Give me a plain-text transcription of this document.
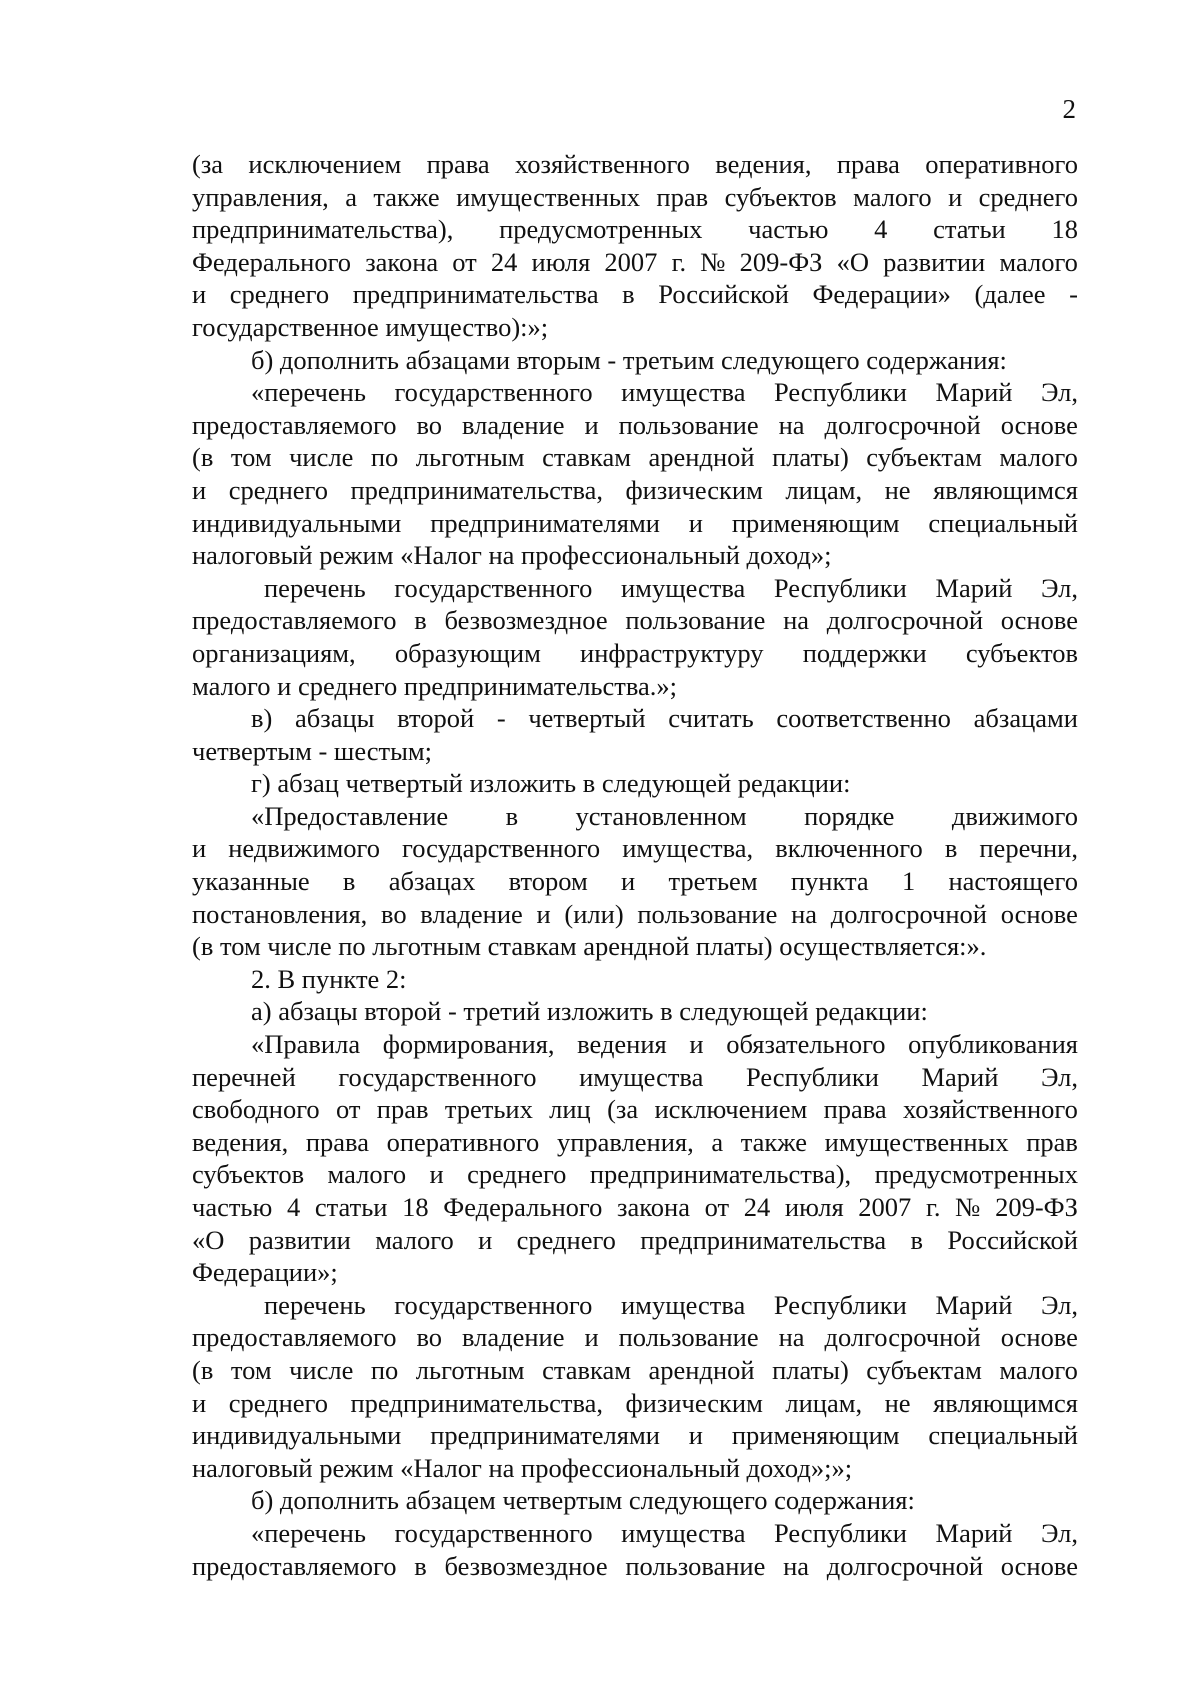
2
(за исключением права хозяйственного ведения, права оперативного
управления, а также имущественных прав субъектов малого и среднего
предпринимательства), предусмотренных частью 4 статьи 18
Федерального закона от 24 июля 2007 г. № 209-ФЗ «О развитии малого
и среднего предпринимательства в Российской Федерации» (далее -
государственное имущество):»;
б) дополнить абзацами вторым - третьим следующего содержания:
«перечень государственного имущества Республики Марий Эл,
предоставляемого во владение и пользование на долгосрочной основе
(в том числе по льготным ставкам арендной платы) субъектам малого
и среднего предпринимательства, физическим лицам, не являющимся
индивидуальными предпринимателями и применяющим специальный
налоговый режим «Налог на профессиональный доход»;
перечень государственного имущества Республики Марий Эл,
предоставляемого в безвозмездное пользование на долгосрочной основе
организациям, образующим инфраструктуру поддержки субъектов
малого и среднего предпринимательства.»;
в) абзацы второй - четвертый считать соответственно абзацами
четвертым - шестым;
г) абзац четвертый изложить в следующей редакции:
«Предоставление в установленном порядке движимого
и недвижимого государственного имущества, включенного в перечни,
указанные в абзацах втором и третьем пункта 1 настоящего
постановления, во владение и (или) пользование на долгосрочной основе
(в том числе по льготным ставкам арендной платы) осуществляется:».
2. В пункте 2:
а) абзацы второй - третий изложить в следующей редакции:
«Правила формирования, ведения и обязательного опубликования
перечней государственного имущества Республики Марий Эл,
свободного от прав третьих лиц (за исключением права хозяйственного
ведения, права оперативного управления, а также имущественных прав
субъектов малого и среднего предпринимательства), предусмотренных
частью 4 статьи 18 Федерального закона от 24 июля 2007 г. № 209-ФЗ
«О развитии малого и среднего предпринимательства в Российской
Федерации»;
перечень государственного имущества Республики Марий Эл,
предоставляемого во владение и пользование на долгосрочной основе
(в том числе по льготным ставкам арендной платы) субъектам малого
и среднего предпринимательства, физическим лицам, не являющимся
индивидуальными предпринимателями и применяющим специальный
налоговый режим «Налог на профессиональный доход»;»;
б) дополнить абзацем четвертым следующего содержания:
«перечень государственного имущества Республики Марий Эл,
предоставляемого в безвозмездное пользование на долгосрочной основе
